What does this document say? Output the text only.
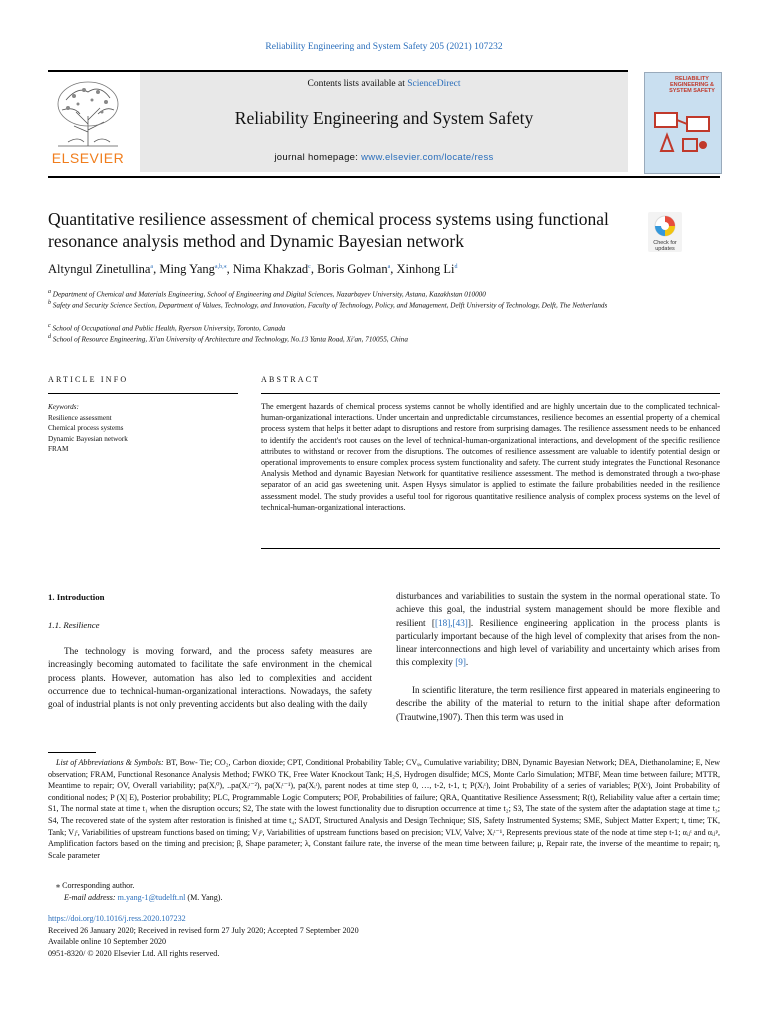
Reliability Engineering and System Safety 205 (2021) 107232
ELSEVIER
Contents lists available at ScienceDirect
Reliability Engineering and System Safety
journal homepage: www.elsevier.com/locate/ress
RELIABILITY ENGINEERING & SYSTEM SAFETY
Quantitative resilience assessment of chemical process systems using functional resonance analysis method and Dynamic Bayesian network	Check for
updates
Altyngul Zinetullina$^a$, Ming Yang$^{a,b,⁎}$, Nima Khakzad$^c$, Boris Golman$^a$, Xinhong Li$^d$
$^a$ Department of Chemical and Materials Engineering, School of Engineering and Digital Sciences, Nazarbayev University, Astana, Kazakhstan 010000
$^b$ Safety and Security Science Section, Department of Values, Technology, and Innovation, Faculty of Technology, Policy, and Management, Delft University of Technology, Delft, The Netherlands
$^c$ School of Occupational and Public Health, Ryerson University, Toronto, Canada
$^d$ School of Resource Engineering, Xi'an University of Architecture and Technology, No.13 Yanta Road, Xi'an, 710055, China
ARTICLE INFO	ABSTRACT
Keywords:
Resilience assessment
Chemical process systems
Dynamic Bayesian network
FRAM
The emergent hazards of chemical process systems cannot be wholly identified and are highly uncertain due to the complicated technical-human-organizational interactions. Under uncertain and unpredictable circumstances, resilience becomes an essential property of a chemical process system that helps it better adapt to disruptions and restore from surprising damages. The resilience assessment needs to be enhanced to identify the accident's root causes on the level of technical-human-organizational interactions, and development of the specific resilience attributes to withstand or recover from the disruptions. The outcomes of resilience assessment are valuable to identify potential design or operational improvements to ensure complex process system functionality and safety. The current study integrates the Functional Resonance Analysis Method and dynamic Bayesian Network for quantitative resilience assessment. The method is demonstrated through a two-phase separator of an acid gas sweetening unit. Aspen Hysys simulator is applied to estimate the failure probabilities needed in the resilience assessment model. The study provides a useful tool for rigorous quantitative resilience analysis of complex process systems on the level of technical-human-organizational interactions.
1. Introduction
1.1. Resilience
The technology is moving forward, and the process safety measures are increasingly becoming automated to facilitate the safe environment in the chemical process plants. However, automation has also led to complexities and accident occurrence due to technical-human-organizational interactions. Nowadays, the safety goal of industrial plants is not only preventing accidents but also dealing with the daily
disturbances and variabilities to sustain the system in the normal operational state. To achieve this goal, the industrial system management should be more flexible and resilient [[18],[43]]. Resilience engineering application in the process plants is particularly important because of the high level of complexity that arises from the non-linear interconnections and high level of variability and uncertainty which arises from this complexity [9].
In scientific literature, the term resilience first appeared in materials engineering to describe the ability of the material to return to the initial shape after deformation (Trautwine,1907). Then this term was used in
List of Abbreviations & Symbols: BT, Bow- Tie; CO₂, Carbon dioxide; CPT, Conditional Probability Table; CVᵩ, Cumulative variability; DBN, Dynamic Bayesian Network; DEA, Diethanolamine; E, New observation; FRAM, Functional Resonance Analysis Method; FWKO TK, Free Water Knockout Tank; H₂S, Hydrogen disulfide; MCS, Monte Carlo Simulation; MTBF, Mean time between failure; MTTR, Meantime to repair; OV, Overall variability; pa(Xᵢ⁰), ..pa(Xᵢᵗ⁻²), pa(Xᵢᵗ⁻¹), pa(Xᵢᵗ), parent nodes at time step 0, …, t-2, t-1, t; P(Xᵢᵗ), Joint Probability of a series of variables; P(Xᵗ), Joint Probability of conditional nodes; P (X| E), Posterior probability; PLC, Programmable Logic Computers; POF, Probabilities of failure; QRA, Quantitative Resilience Assessment; R(t), Reliability value after a certain time; S1, The normal state at time t₁ when the disruption occurs; S2, The state with the lowest functionality due to disruption occurrence at time t₂; S3, The state of the system after the adaptation stage at time t₃; S4, The recovered state of the system after restoration is finished at time t₄; SADT, Structured Analysis and Design Technique; SIS, Safety Instrumented Systems; SME, Subject Matter Expert; t, time; TK, Tank; Vⱼᵗ, Variabilities of upstream functions based on timing; Vⱼᵖ, Variabilities of upstream functions based on precision; VLV, Valve; Xᵢᵗ⁻¹, Represents previous state of the node at time step t-1; αᵢⱼᵗ and αᵢⱼᵖ, Amplification factors based on the timing and precision; β, Shape parameter; λ, Constant failure rate, the inverse of the mean time between failure; μ, Repair rate, the inverse of the meantime to repair; η, Scale parameter
⁎ Corresponding author.
E-mail address: m.yang-1@tudelft.nl (M. Yang).
https://doi.org/10.1016/j.ress.2020.107232
Received 26 January 2020; Received in revised form 27 July 2020; Accepted 7 September 2020
Available online 10 September 2020
0951-8320/ © 2020 Elsevier Ltd. All rights reserved.
